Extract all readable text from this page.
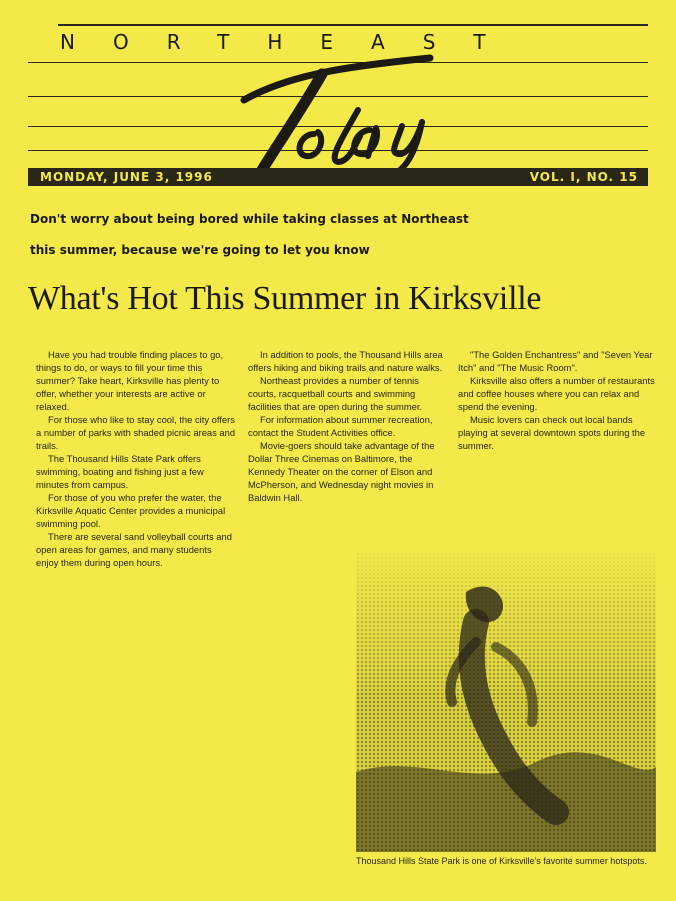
NORTHEAST
MONDAY, JUNE 3, 1996	VOL. I, NO. 15
Don't worry about being bored while taking classes at Northeast
this summer, because we're going to let you know
What's Hot This Summer in Kirksville

Have you had trouble finding places to go, things to do, or ways to fill your time this summer? Take heart, Kirksville has plenty to offer, whether your interests are active or relaxed.

For those who like to stay cool, the city offers a number of parks with shaded picnic areas and trails.

The Thousand Hills State Park offers swimming, boating and fishing just a few minutes from campus.

For those of you who prefer the water, the Kirksville Aquatic Center provides a municipal swimming pool.

There are several sand volleyball courts and open areas for games, and many students enjoy them during open hours.

In addition to pools, the Thousand Hills area offers hiking and biking trails and nature walks.

Northeast provides a number of tennis courts, racquetball courts and swimming facilities that are open during the summer.

For information about summer recreation, contact the Student Activities office.

Movie-goers should take advantage of the Dollar Three Cinemas on Baltimore, the Kennedy Theater on the corner of Elson and McPherson, and Wednesday night movies in Baldwin Hall.

"The Golden Enchantress" and "Seven Year Itch" and "The Music Room".

Kirksville also offers a number of restaurants and coffee houses where you can relax and spend the evening.

Music lovers can check out local bands playing at several downtown spots during the summer.

Thousand Hills State Park is one of Kirksville's favorite summer hotspots.
